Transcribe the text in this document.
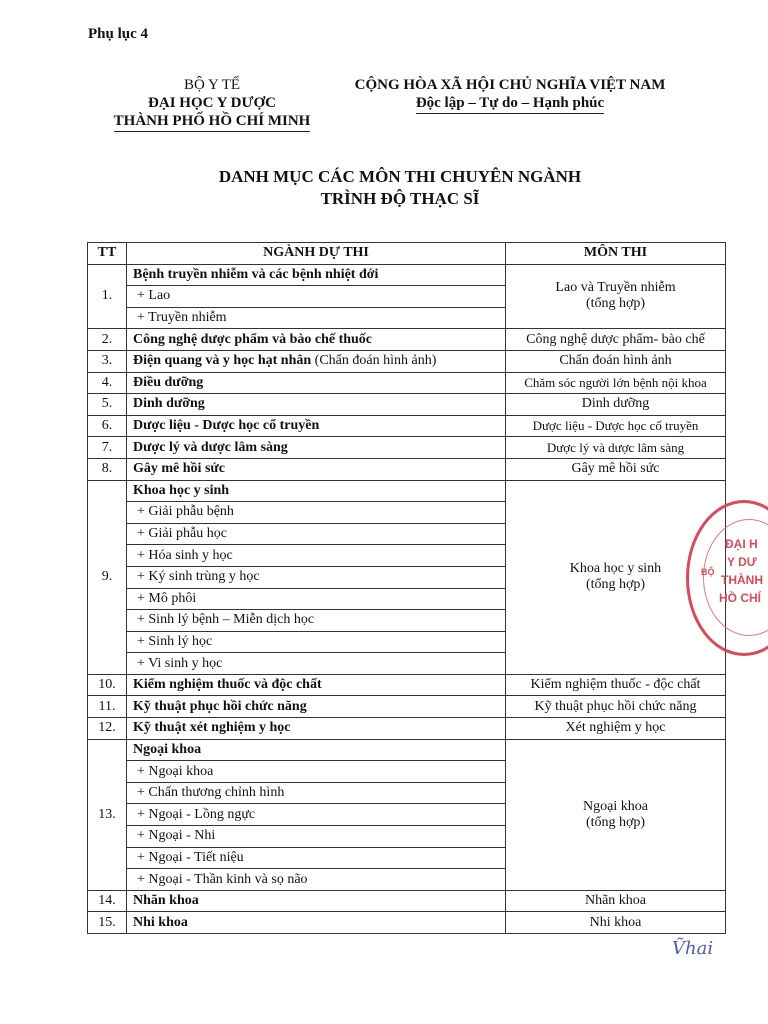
Phụ lục 4
BỘ Y TẾ
ĐẠI HỌC Y DƯỢC
THÀNH PHỐ HỒ CHÍ MINH
CỘNG HÒA XÃ HỘI CHỦ NGHĨA VIỆT NAM
Độc lập – Tự do – Hạnh phúc
DANH MỤC CÁC MÔN THI CHUYÊN NGÀNH
TRÌNH ĐỘ THẠC SĨ
TT	NGÀNH DỰ THI	MÔN THI
1.	Bệnh truyền nhiễm và các bệnh nhiệt đới	Lao và Truyền nhiễm
(tổng hợp)

	+ Lao	
	+ Truyền nhiễm	
2.	Công nghệ dược phẩm và bào chế thuốc	Công nghệ dược phẩm- bào chế
3.	Điện quang và y học hạt nhân (Chẩn đoán hình ảnh)	Chẩn đoán hình ảnh
4.	Điều dưỡng	Chăm sóc người lớn bệnh nội khoa
5.	Dinh dưỡng	Dinh dưỡng
6.	Dược liệu - Dược học cổ truyền	Dược liệu - Dược học cổ truyền
7.	Dược lý và dược lâm sàng	Dược lý và dược lâm sàng
8.	Gây mê hồi sức	Gây mê hồi sức
9.	Khoa học y sinh	Khoa học y sinh
(tổng hợp)

	+ Giải phẫu bệnh	
	+ Giải phẫu học	
	+ Hóa sinh y học	
	+ Ký sinh trùng y học	
	+ Mô phôi	
	+ Sinh lý bệnh – Miễn dịch học	
	+ Sinh lý học	
	+ Vi sinh y học	
10.	Kiểm nghiệm thuốc và độc chất	Kiểm nghiệm thuốc - độc chất
11.	Kỹ thuật phục hồi chức năng	Kỹ thuật phục hồi chức năng
12.	Kỹ thuật xét nghiệm y học	Xét nghiệm y học
13.	Ngoại khoa	Ngoại khoa
(tổng hợp)

	+ Ngoại khoa	
	+ Chấn thương chỉnh hình	
	+ Ngoại - Lồng ngực	
	+ Ngoại - Nhi	
	+ Ngoại - Tiết niệu	
	+ Ngoại - Thần kinh và sọ não	
14.	Nhãn khoa	Nhãn khoa
15.	Nhi khoa	Nhi khoa
ĐẠI H
Y DƯ
THÀNH
HỒ CHÍ
BỘ
Ṽhai
